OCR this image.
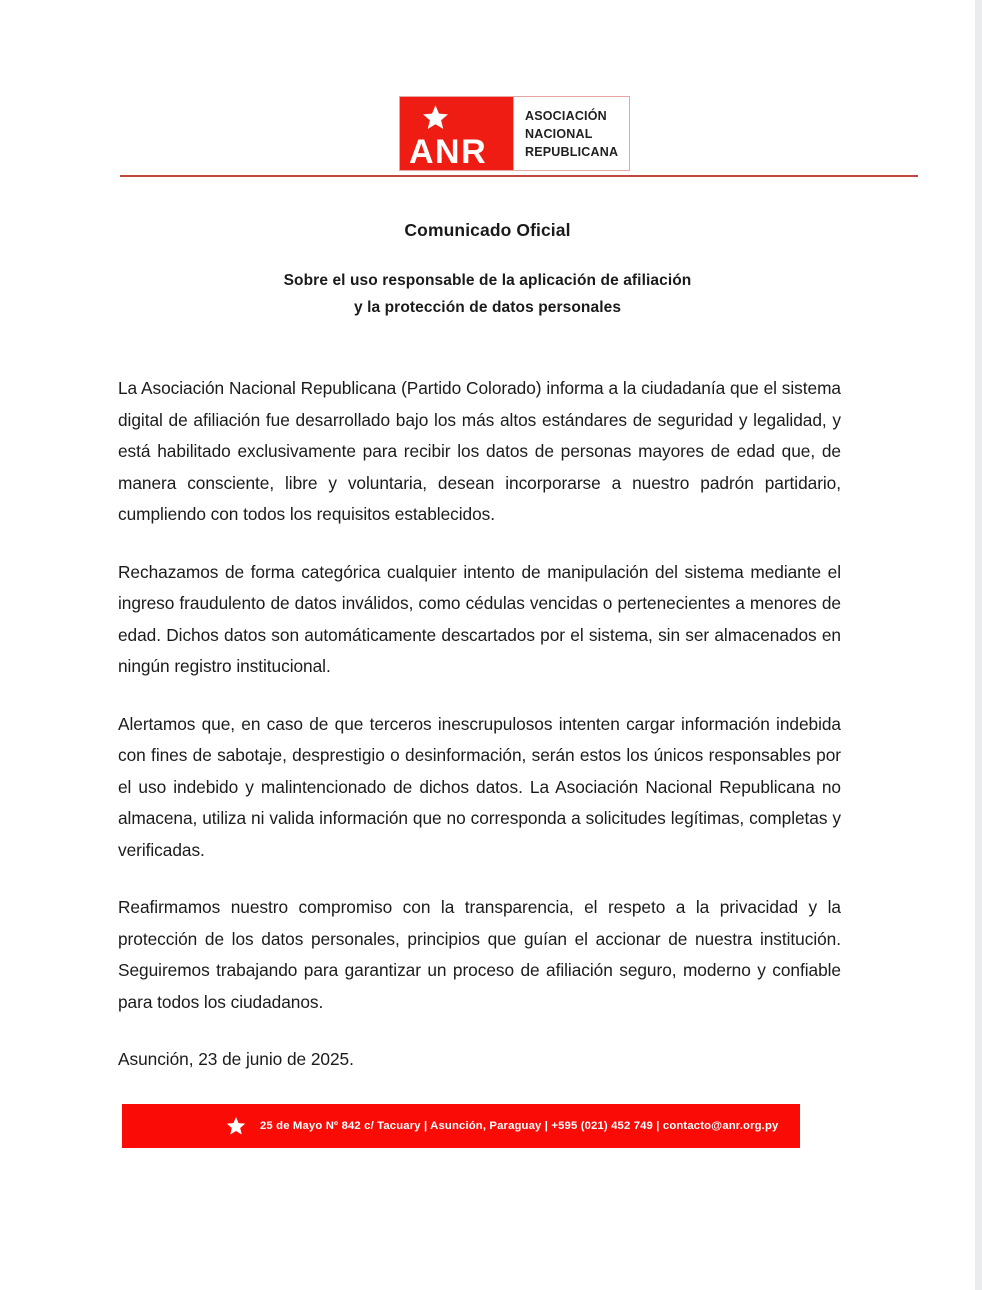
ANR
ASOCIACIÓN
NACIONAL
REPUBLICANA
Comunicado Oficial
Sobre el uso responsable de la aplicación de afiliación
y la protección de datos personales

La Asociación Nacional Republicana (Partido Colorado) informa a la ciudadanía que el sistema digital de afiliación fue desarrollado bajo los más altos estándares de seguridad y legalidad, y está habilitado exclusivamente para recibir los datos de personas mayores de edad que, de manera consciente, libre y voluntaria, desean incorporarse a nuestro padrón partidario, cumpliendo con todos los requisitos establecidos.

Rechazamos de forma categórica cualquier intento de manipulación del sistema mediante el ingreso fraudulento de datos inválidos, como cédulas vencidas o pertenecientes a menores de edad. Dichos datos son automáticamente descartados por el sistema, sin ser almacenados en ningún registro institucional.

Alertamos que, en caso de que terceros inescrupulosos intenten cargar información indebida con fines de sabotaje, desprestigio o desinformación, serán estos los únicos responsables por el uso indebido y malintencionado de dichos datos. La Asociación Nacional Republicana no almacena, utiliza ni valida información que no corresponda a solicitudes legítimas, completas y verificadas.

Reafirmamos nuestro compromiso con la transparencia, el respeto a la privacidad y la protección de los datos personales, principios que guían el accionar de nuestra institución. Seguiremos trabajando para garantizar un proceso de afiliación seguro, moderno y confiable para todos los ciudadanos.

Asunción, 23 de junio de 2025.

25 de Mayo Nº 842 c/ Tacuary | Asunción, Paraguay | +595 (021) 452 749 | contacto@anr.org.py
